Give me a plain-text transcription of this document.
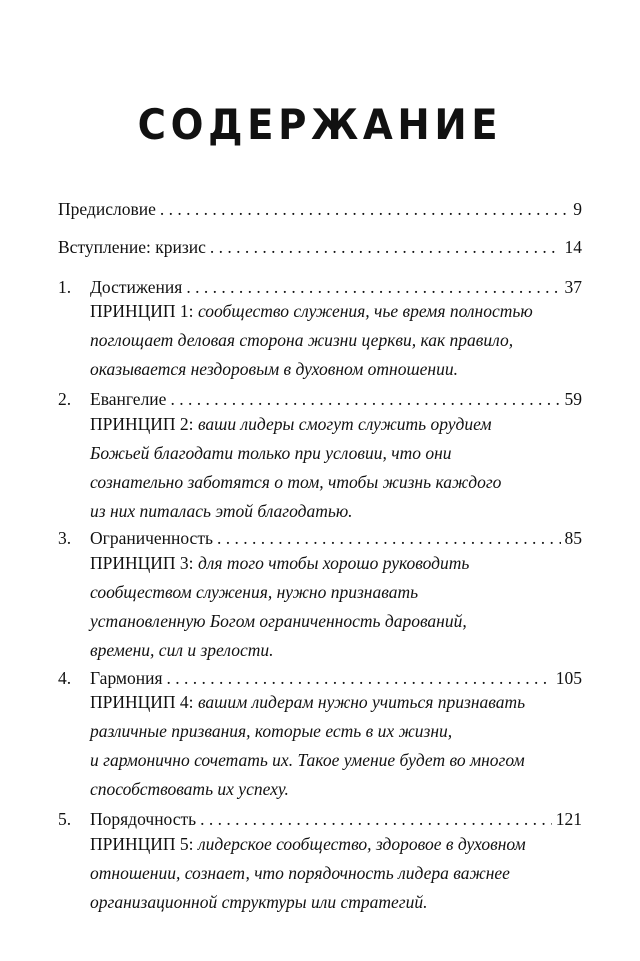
СОДЕРЖАНИЕ
Предисловие . . .	9
Вступление: кризис . . .	14
1.	Достижения . . .	37
ПРИНЦИП 1: сообщество служения, чье время полностью
поглощает деловая сторона жизни церкви, как правило,
оказывается нездоровым в духовном отношении.
2.	Евангелие . . .	59
ПРИНЦИП 2: ваши лидеры смогут служить орудием
Божьей благодати только при условии, что они
сознательно заботятся о том, чтобы жизнь каждого
из них питалась этой благодатью.
3.	Ограниченность . . .	85
ПРИНЦИП 3: для того чтобы хорошо руководить
сообществом служения, нужно признавать
установленную Богом ограниченность дарований,
времени, сил и зрелости.
4.	Гармония . . .	105
ПРИНЦИП 4: вашим лидерам нужно учиться признавать
различные призвания, которые есть в их жизни,
и гармонично сочетать их. Такое умение будет во многом
способствовать их успеху.
5.	Порядочность . . .	121
ПРИНЦИП 5: лидерское сообщество, здоровое в духовном
отношении, сознает, что порядочность лидера важнее
организационной структуры или стратегий.
